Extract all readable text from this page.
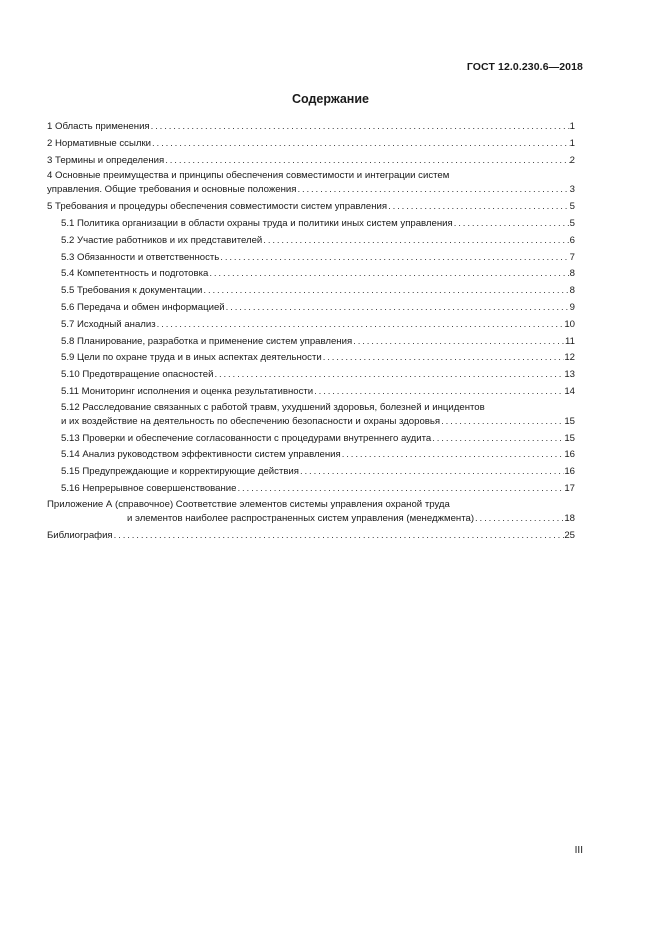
ГОСТ 12.0.230.6—2018
Содержание
1 Область применения . . .	1
2 Нормативные ссылки . . .	1
3 Термины и определения . . .	2
4 Основные преимущества и принципы обеспечения совместимости и интеграции систем
управления. Общие требования и основные положения . . .	3
5 Требования и процедуры обеспечения совместимости систем управления . . .	5
5.1 Политика организации в области охраны труда и политики иных систем управления . . .	5
5.2 Участие работников и их представителей . . .	6
5.3 Обязанности и ответственность . . .	7
5.4 Компетентность и подготовка . . .	8
5.5 Требования к документации . . .	8
5.6 Передача и обмен информацией . . .	9
5.7 Исходный анализ . . .	10
5.8 Планирование, разработка и применение систем управления . . .	11
5.9 Цели по охране труда и в иных аспектах деятельности . . .	12
5.10 Предотвращение опасностей . . .	13
5.11 Мониторинг исполнения и оценка результативности . . .	14
5.12 Расследование связанных с работой травм, ухудшений здоровья, болезней и инцидентов
и их воздействие на деятельность по обеспечению безопасности и охраны здоровья . . .	15
5.13 Проверки и обеспечение согласованности с процедурами внутреннего аудита . . .	15
5.14 Анализ руководством эффективности систем управления . . .	16
5.15 Предупреждающие и корректирующие действия . . .	16
5.16 Непрерывное совершенствование . . .	17
Приложение А (справочное) Соответствие элементов системы управления охраной труда
и элементов наиболее распространенных систем управления (менеджмента) . . .	18
Библиография . . .	25
III
